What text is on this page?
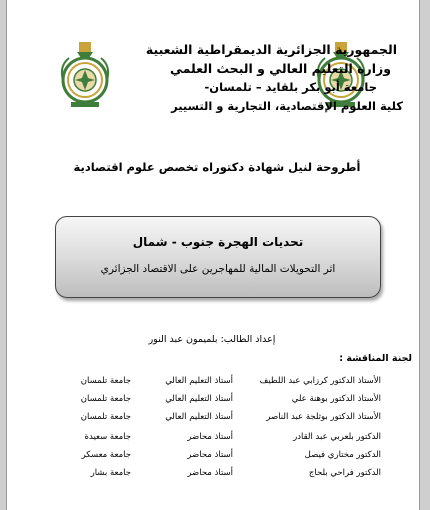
الجمهورية الجزائرية الديمقراطية الشعبية
وزارة التعليم العالي و البحث العلمي
جامعة أبو بكر بلقايد – تلمسان-
كلية العلوم الإقتصادية، التجارية و التسيير
أطروحة لنيل شهادة دكتوراه تخصص علوم اقتصادية
تحديات الهجرة جنوب - شمال
اثر التحويلات المالية للمهاجرين على الاقتصاد الجزائري
إعداد الطالب: بلميمون عبد النور
لجنة المناقشة :
الأستاذ الدكتور كرزابي عبد اللطيف
أستاذ التعليم العالي
جامعة تلمسان
الأستاذ الدكتور بوهنة علي
أستاذ التعليم العالي
جامعة تلمسان
الأستاذ الدكتور بوثلجة عبد الناصر
أستاذ التعليم العالي
جامعة تلمسان
الدكتور بلعربي عبد القادر
أستاذ محاضر
جامعة سعيدة
الدكتور مختاري فيصل
أستاذ محاضر
جامعة معسكر
الدكتور فراحي بلحاج
أستاذ محاضر
جامعة بشار
